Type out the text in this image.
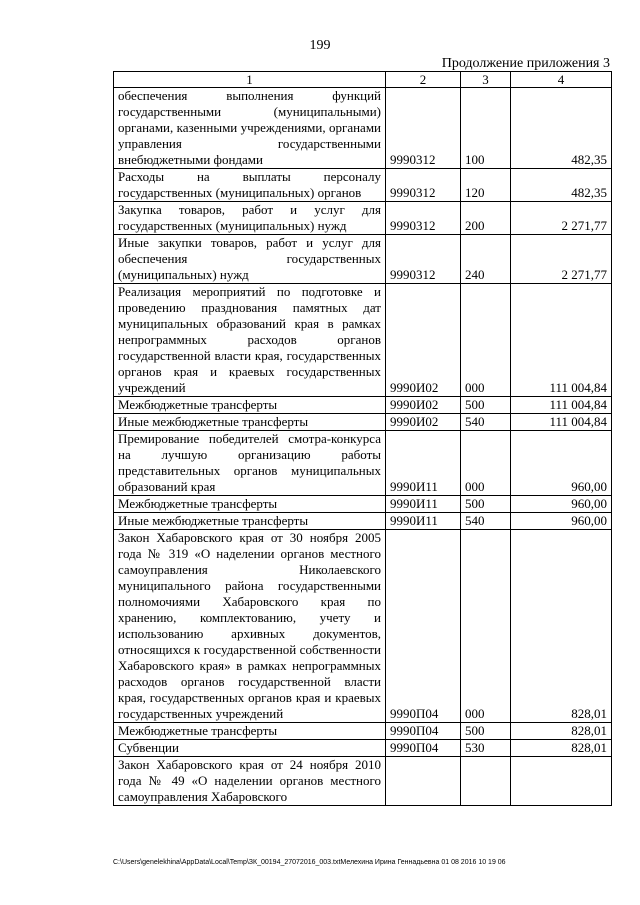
199
Продолжение приложения 3
1	2	3	4
обеспечения выполнения функций государственными (муниципальными) органами, казенными учреждениями, органами управления государственными внебюджетными фондами	9990312	100	482,35
Расходы на выплаты персоналу государственных (муниципальных) органов	9990312	120	482,35
Закупка товаров, работ и услуг для государственных (муниципальных) нужд	9990312	200	2 271,77
Иные закупки товаров, работ и услуг для обеспечения государственных (муниципальных) нужд	9990312	240	2 271,77
Реализация мероприятий по подготовке и проведению празднования памятных дат муниципальных образований края в рамках непрограммных расходов органов государственной власти края, государственных органов края и краевых государственных учреждений	9990И02	000	111 004,84
Межбюджетные трансферты	9990И02	500	111 004,84
Иные межбюджетные трансферты	9990И02	540	111 004,84
Премирование победителей смотра-конкурса на лучшую организацию работы представительных органов муниципальных образований края	9990И11	000	960,00
Межбюджетные трансферты	9990И11	500	960,00
Иные межбюджетные трансферты	9990И11	540	960,00
Закон Хабаровского края от 30 ноября 2005 года № 319 «О наделении органов местного самоуправления Николаевского муниципального района государственными полномочиями Хабаровского края по хранению, комплектованию, учету и использованию архивных документов, относящихся к государственной собственности Хабаровского края» в рамках непрограммных расходов органов государственной власти края, государственных органов края и краевых государственных учреждений	9990П04	000	828,01
Межбюджетные трансферты	9990П04	500	828,01
Субвенции	9990П04	530	828,01
Закон Хабаровского края от 24 ноября 2010 года № 49 «О наделении органов местного самоуправления Хабаровского			
C:\Users\genelekhina\AppData\Local\Temp\ЗК_00194_27072016_003.txtМелехина Ирина Геннадьевна 01 08 2016 10 19 06
